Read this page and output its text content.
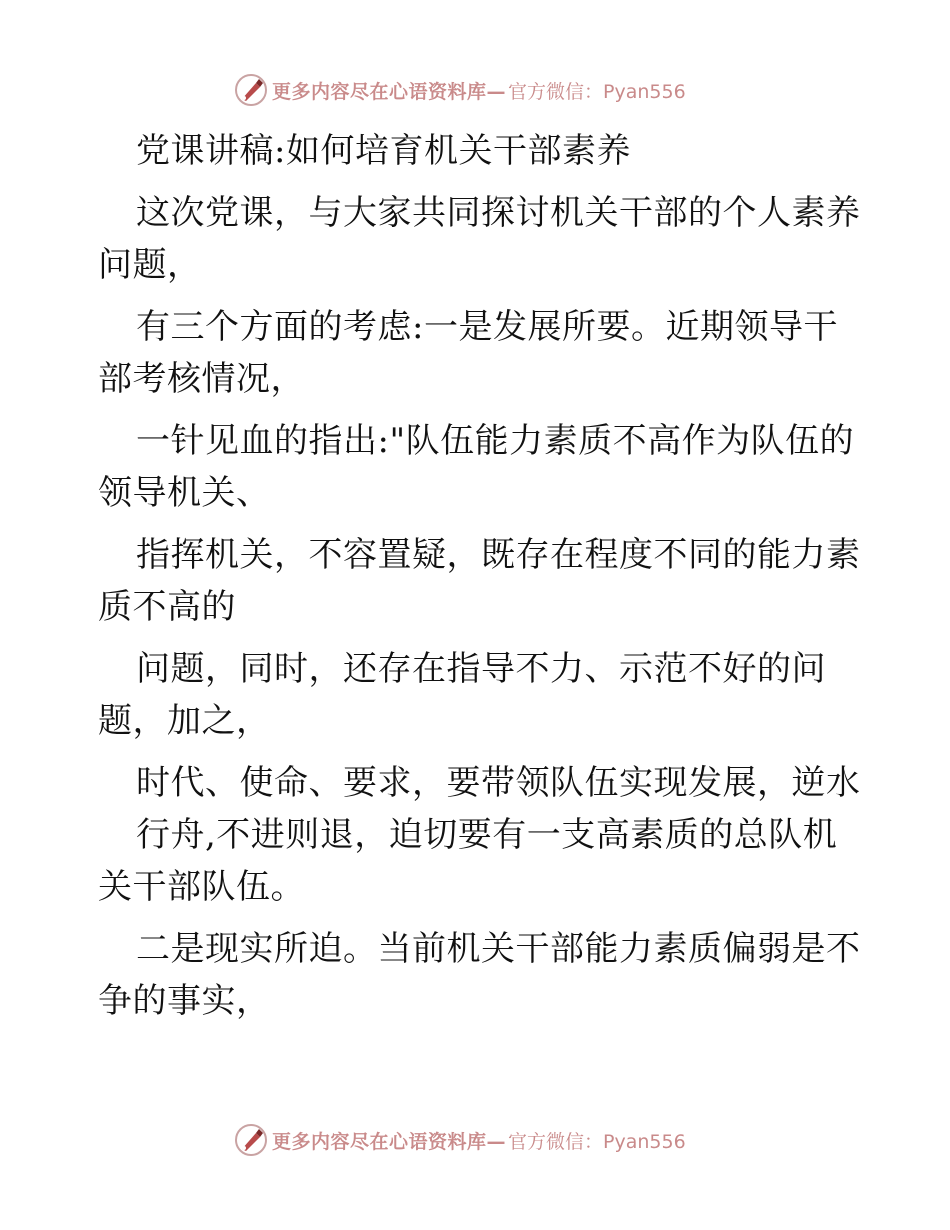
更多内容尽在心语资料库— 官方微信：Pyan556
党课讲稿:如何培育机关干部素养
这次党课，与大家共同探讨机关干部的个人素养
问题，
有三个方面的考虑:一是发展所要。近期领导干
部考核情况，
一针见血的指出:"队伍能力素质不高作为队伍的
领导机关、
指挥机关，不容置疑，既存在程度不同的能力素
质不高的
问题，同时，还存在指导不力、示范不好的问
题，加之，
时代、使命、要求，要带领队伍实现发展，逆水
行舟,不进则退，迫切要有一支高素质的总队机
关干部队伍。
二是现实所迫。当前机关干部能力素质偏弱是不
争的事实，
更多内容尽在心语资料库— 官方微信：Pyan556
